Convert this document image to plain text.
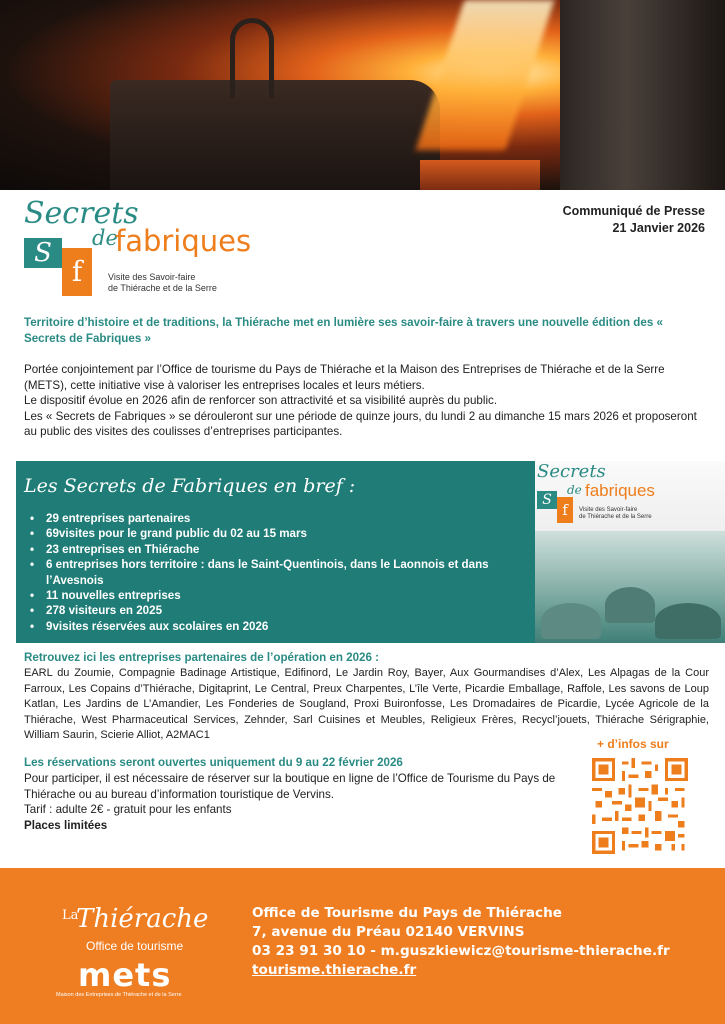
Secrets
de
fabriques
S
f	Visite des Savoir-faire
de Thiérache et de la Serre
Communiqué de Presse
21 Janvier 2026
Territoire d’histoire et de traditions, la Thiérache met en lumière ses savoir-faire à travers une nouvelle édition des « Secrets de Fabriques »
Portée conjointement par l’Office de tourisme du Pays de Thiérache et la Maison des Entreprises de Thiérache et de la Serre (METS), cette initiative vise à valoriser les entreprises locales et leurs métiers.
Le dispositif évolue en 2026 afin de renforcer son attractivité et sa visibilité auprès du public.
Les « Secrets de Fabriques » se dérouleront sur une période de quinze jours, du lundi 2 au dimanche 15 mars 2026 et proposeront au public des visites des coulisses d’entreprises participantes.
Les Secrets de Fabriques en bref :
• 29 entreprises partenaires
• 69visites pour le grand public du 02 au 15 mars
• 23 entreprises en Thiérache
• 6 entreprises hors territoire : dans le Saint-Quentinois, dans le Laonnois et dans l’Avesnois
• 11 nouvelles entreprises
• 278 visiteurs en 2025
• 9visites réservées aux scolaires en 2026
Secrets
de fabriques
S
f	Visite des Savoir-faire
de Thiérache et de la Serre
Retrouvez ici les entreprises partenaires de l’opération en 2026 :
EARL du Zoumie, Compagnie Badinage Artistique, Edifinord, Le Jardin Roy, Bayer, Aux Gourmandises d’Alex, Les Alpagas de la Cour Farroux, Les Copains d’Thiérache, Digitaprint, Le Central, Preux Charpentes, L’île Verte, Picardie Emballage, Raffole, Les savons de Loup Katlan, Les Jardins de L’Amandier, Les Fonderies de Sougland, Proxi Buironfosse, Les Dromadaires de Picardie, Lycée Agricole de la Thiérache, West Pharmaceutical Services, Zehnder, Sarl Cuisines et Meubles, Religieux Frères, Recycl’jouets, Thiérache Sérigraphie, William Saurin, Scierie Alliot, A2MAC1
+ d’infos sur
Les réservations seront ouvertes uniquement du 9 au 22 février 2026
Pour participer, il est nécessaire de réserver sur la boutique en ligne de l’Office de Tourisme du Pays de Thiérache ou au bureau d’information touristique de Vervins.
Tarif : adulte 2€ - gratuit pour les enfants
Places limitées
La
Thiérache
Office de tourisme
mets
Maison des Entreprises de Thiérache et de la Serre
Office de Tourisme du Pays de Thiérache
7, avenue du Préau 02140 VERVINS
03 23 91 30 10 - m.guszkiewicz@tourisme-thierache.fr
tourisme.thierache.fr
